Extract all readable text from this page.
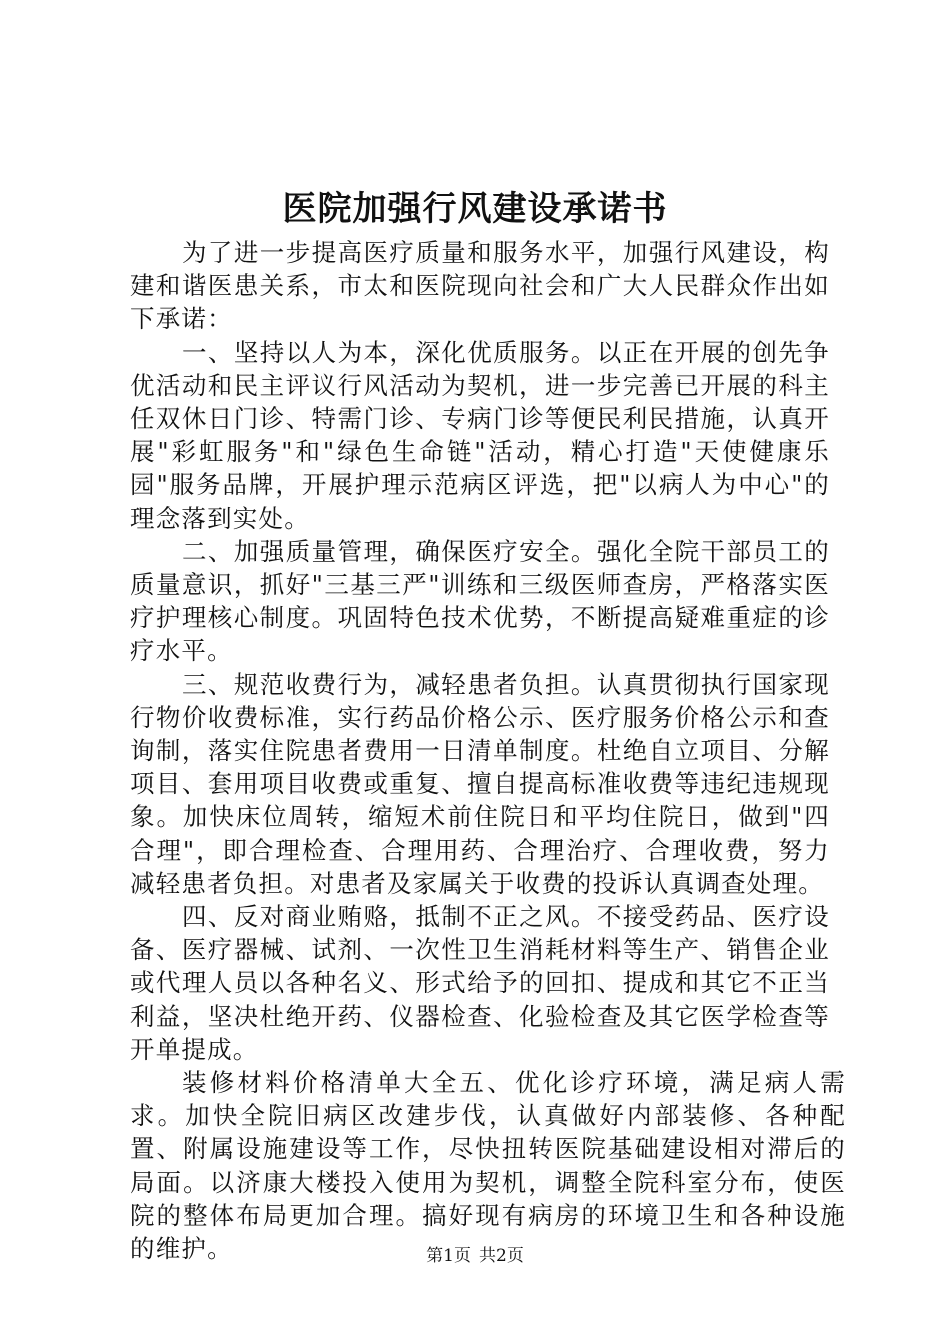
医院加强行风建设承诺书

为了进一步提高医疗质量和服务水平，加强行风建设，构建和谐医患关系，市太和医院现向社会和广大人民群众作出如下承诺：

一、坚持以人为本，深化优质服务。以正在开展的创先争优活动和民主评议行风活动为契机，进一步完善已开展的科主任双休日门诊、特需门诊、专病门诊等便民利民措施，认真开展"彩虹服务"和"绿色生命链"活动，精心打造"天使健康乐园"服务品牌，开展护理示范病区评选，把"以病人为中心"的理念落到实处。

二、加强质量管理，确保医疗安全。强化全院干部员工的质量意识，抓好"三基三严"训练和三级医师查房，严格落实医疗护理核心制度。巩固特色技术优势，不断提高疑难重症的诊疗水平。

三、规范收费行为，减轻患者负担。认真贯彻执行国家现行物价收费标准，实行药品价格公示、医疗服务价格公示和查询制，落实住院患者费用一日清单制度。杜绝自立项目、分解项目、套用项目收费或重复、擅自提高标准收费等违纪违规现象。加快床位周转，缩短术前住院日和平均住院日，做到"四合理"，即合理检查、合理用药、合理治疗、合理收费，努力减轻患者负担。对患者及家属关于收费的投诉认真调查处理。

四、反对商业贿赂，抵制不正之风。不接受药品、医疗设备、医疗器械、试剂、一次性卫生消耗材料等生产、销售企业或代理人员以各种名义、形式给予的回扣、提成和其它不正当利益，坚决杜绝开药、仪器检查、化验检查及其它医学检查等开单提成。

装修材料价格清单大全五、优化诊疗环境，满足病人需求。加快全院旧病区改建步伐，认真做好内部装修、各种配置、附属设施建设等工作，尽快扭转医院基础建设相对滞后的局面。以济康大楼投入使用为契机，调整全院科室分布，使医院的整体布局更加合理。搞好现有病房的环境卫生和各种设施的维护。	第1页 共2页
